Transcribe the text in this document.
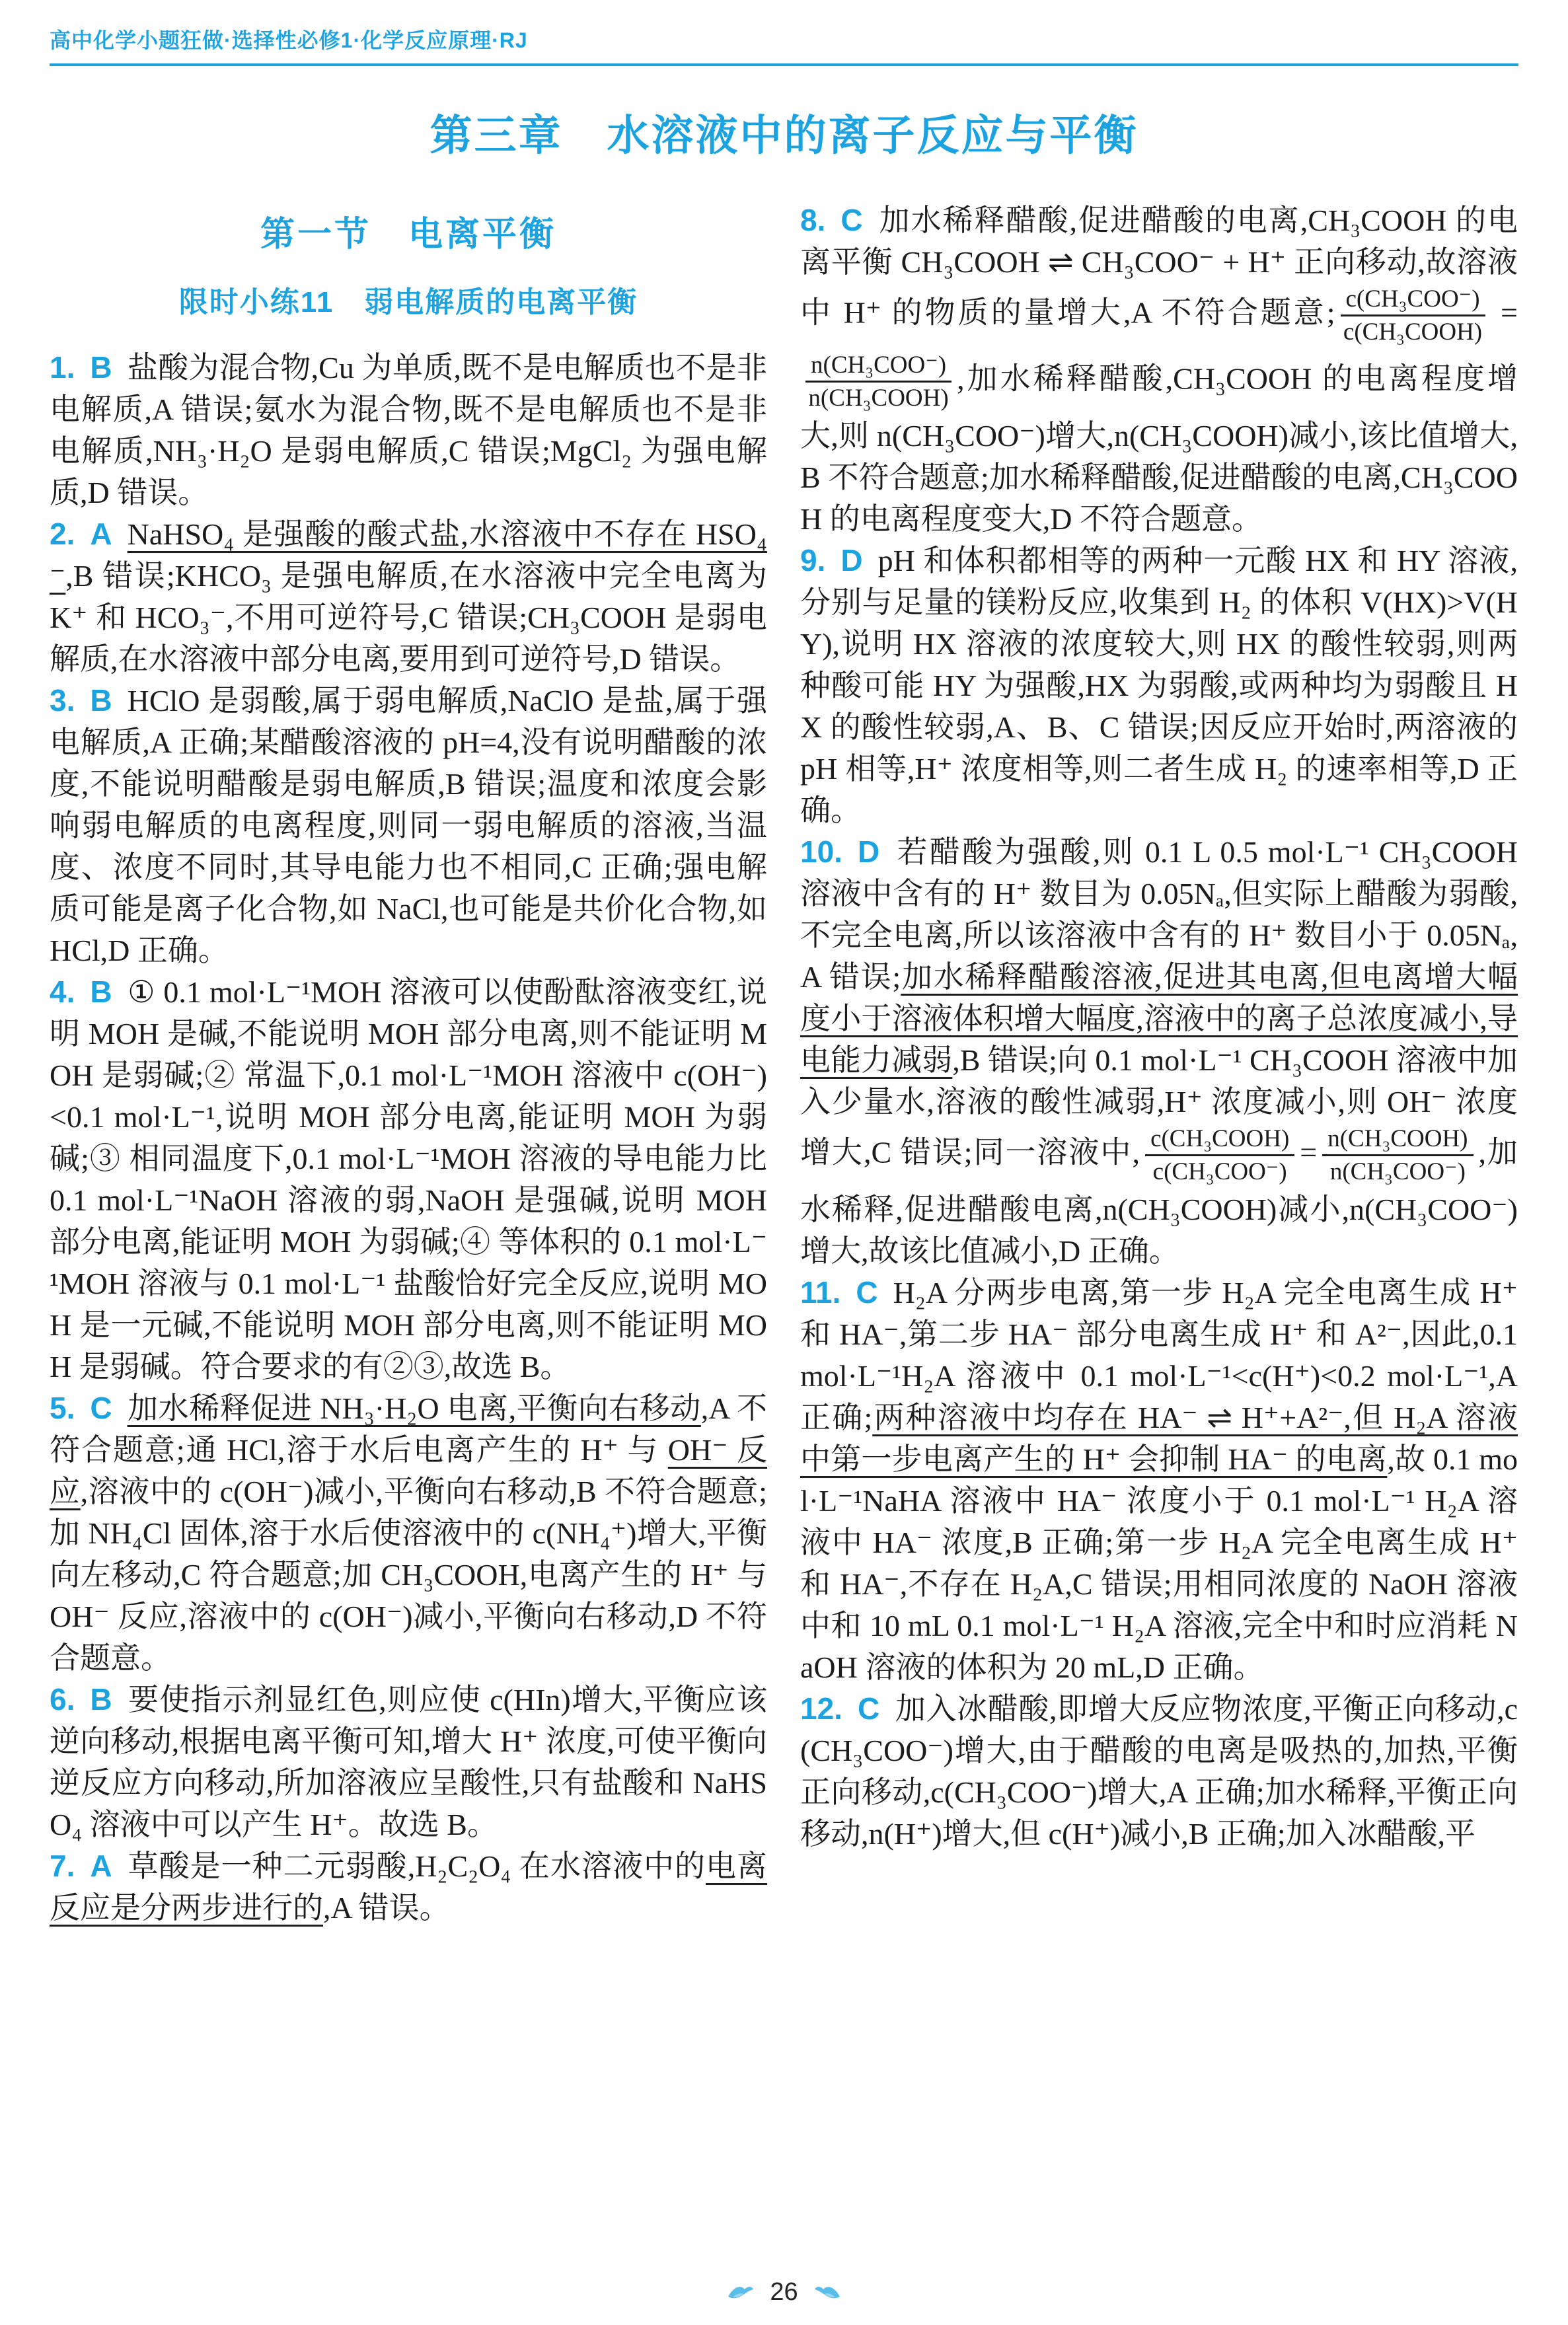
高中化学小题狂做·选择性必修1·化学反应原理·RJ
第三章　水溶液中的离子反应与平衡
第一节　电离平衡
限时小练11　弱电解质的电离平衡

1.  B  盐酸为混合物,Cu 为单质,既不是电解质也不是非电解质,A 错误;氨水为混合物,既不是电解质也不是非电解质,NH₃·H₂O 是弱电解质,C 错误;MgCl₂ 为强电解质,D 错误。

2.  A  NaHSO₄ 是强酸的酸式盐,水溶液中不存在 HSO₄⁻,B 错误;KHCO₃ 是强电解质,在水溶液中完全电离为 K⁺ 和 HCO₃⁻,不用可逆符号,C 错误;CH₃COOH 是弱电解质,在水溶液中部分电离,要用到可逆符号,D 错误。

3.  B  HClO 是弱酸,属于弱电解质,NaClO 是盐,属于强电解质,A 正确;某醋酸溶液的 pH=4,没有说明醋酸的浓度,不能说明醋酸是弱电解质,B 错误;温度和浓度会影响弱电解质的电离程度,则同一弱电解质的溶液,当温度、浓度不同时,其导电能力也不相同,C 正确;强电解质可能是离子化合物,如 NaCl,也可能是共价化合物,如 HCl,D 正确。

4.  B  ① 0.1 mol·L⁻¹MOH 溶液可以使酚酞溶液变红,说明 MOH 是碱,不能说明 MOH 部分电离,则不能证明 MOH 是弱碱;② 常温下,0.1 mol·L⁻¹MOH 溶液中 c(OH⁻)<0.1 mol·L⁻¹,说明 MOH 部分电离,能证明 MOH 为弱碱;③ 相同温度下,0.1 mol·L⁻¹MOH 溶液的导电能力比 0.1 mol·L⁻¹NaOH 溶液的弱,NaOH 是强碱,说明 MOH 部分电离,能证明 MOH 为弱碱;④ 等体积的 0.1 mol·L⁻¹MOH 溶液与 0.1 mol·L⁻¹ 盐酸恰好完全反应,说明 MOH 是一元碱,不能说明 MOH 部分电离,则不能证明 MOH 是弱碱。符合要求的有②③,故选 B。

5.  C  加水稀释促进 NH₃·H₂O 电离,平衡向右移动,A 不符合题意;通 HCl,溶于水后电离产生的 H⁺ 与 OH⁻ 反应,溶液中的 c(OH⁻)减小,平衡向右移动,B 不符合题意;加 NH₄Cl 固体,溶于水后使溶液中的 c(NH₄⁺)增大,平衡向左移动,C 符合题意;加 CH₃COOH,电离产生的 H⁺ 与 OH⁻ 反应,溶液中的 c(OH⁻)减小,平衡向右移动,D 不符合题意。

6.  B  要使指示剂显红色,则应使 c(HIn)增大,平衡应该逆向移动,根据电离平衡可知,增大 H⁺ 浓度,可使平衡向逆反应方向移动,所加溶液应呈酸性,只有盐酸和 NaHSO₄ 溶液中可以产生 H⁺。故选 B。

7.  A  草酸是一种二元弱酸,H₂C₂O₄ 在水溶液中的电离反应是分两步进行的,A 错误。

8.  C  加水稀释醋酸,促进醋酸的电离,CH₃COOH 的电离平衡 CH₃COOH ⇌ CH₃COO⁻ + H⁺ 正向移动,故溶液中 H⁺ 的物质的量增大,A 不符合题意; $\frac{\text{c(CH₃COO⁻)}}{\text{c(CH₃COOH)}}$ =
$\frac{\text{n(CH₃COO⁻)}}{\text{n(CH₃COOH)}}$ ,加水稀释醋酸,CH₃COOH 的电离程度增大,则 n(CH₃COO⁻)增大,n(CH₃COOH)减小,该比值增大,B 不符合题意;加水稀释醋酸,促进醋酸的电离,CH₃COOH 的电离程度变大,D 不符合题意。

9.  D  pH 和体积都相等的两种一元酸 HX 和 HY 溶液,分别与足量的镁粉反应,收集到 H₂ 的体积 V(HX)>V(HY),说明 HX 溶液的浓度较大,则 HX 的酸性较弱,则两种酸可能 HY 为强酸,HX 为弱酸,或两种均为弱酸且 HX 的酸性较弱,A、B、C 错误;因反应开始时,两溶液的 pH 相等,H⁺ 浓度相等,则二者生成 H₂ 的速率相等,D 正确。

10.  D  若醋酸为强酸,则 0.1 L 0.5 mol·L⁻¹ CH₃COOH 溶液中含有的 H⁺ 数目为 0.05Nₐ,但实际上醋酸为弱酸,不完全电离,所以该溶液中含有的 H⁺ 数目小于 0.05Nₐ,A 错误;加水稀释醋酸溶液,促进其电离,但电离增大幅度小于溶液体积增大幅度,溶液中的离子总浓度减小,导电能力减弱,B 错误;向 0.1 mol·L⁻¹ CH₃COOH 溶液中加入少量水,溶液的酸性减弱,H⁺ 浓度减小,则 OH⁻ 浓度增大,C 错误;同一溶液中, $\frac{\text{c(CH₃COOH)}}{\text{c(CH₃COO⁻)}} = \frac{\text{n(CH₃COOH)}}{\text{n(CH₃COO⁻)}}$ ,加水稀释,促进醋酸电离,n(CH₃COOH)减小,n(CH₃COO⁻)增大,故该比值减小,D 正确。

11.  C  H₂A 分两步电离,第一步 H₂A 完全电离生成 H⁺ 和 HA⁻,第二步 HA⁻ 部分电离生成 H⁺ 和 A²⁻,因此,0.1 mol·L⁻¹H₂A 溶液中 0.1 mol·L⁻¹<c(H⁺)<0.2 mol·L⁻¹,A 正确;两种溶液中均存在 HA⁻ ⇌ H⁺+A²⁻,但 H₂A 溶液中第一步电离产生的 H⁺ 会抑制 HA⁻ 的电离,故 0.1 mol·L⁻¹NaHA 溶液中 HA⁻ 浓度小于 0.1 mol·L⁻¹ H₂A 溶液中 HA⁻ 浓度,B 正确;第一步 H₂A 完全电离生成 H⁺ 和 HA⁻,不存在 H₂A,C 错误;用相同浓度的 NaOH 溶液中和 10 mL 0.1 mol·L⁻¹ H₂A 溶液,完全中和时应消耗 NaOH 溶液的体积为 20 mL,D 正确。

12.  C  加入冰醋酸,即增大反应物浓度,平衡正向移动,c(CH₃COO⁻)增大,由于醋酸的电离是吸热的,加热,平衡正向移动,c(CH₃COO⁻)增大,A 正确;加水稀释,平衡正向移动,n(H⁺)增大,但 c(H⁺)减小,B 正确;加入冰醋酸,平

26
